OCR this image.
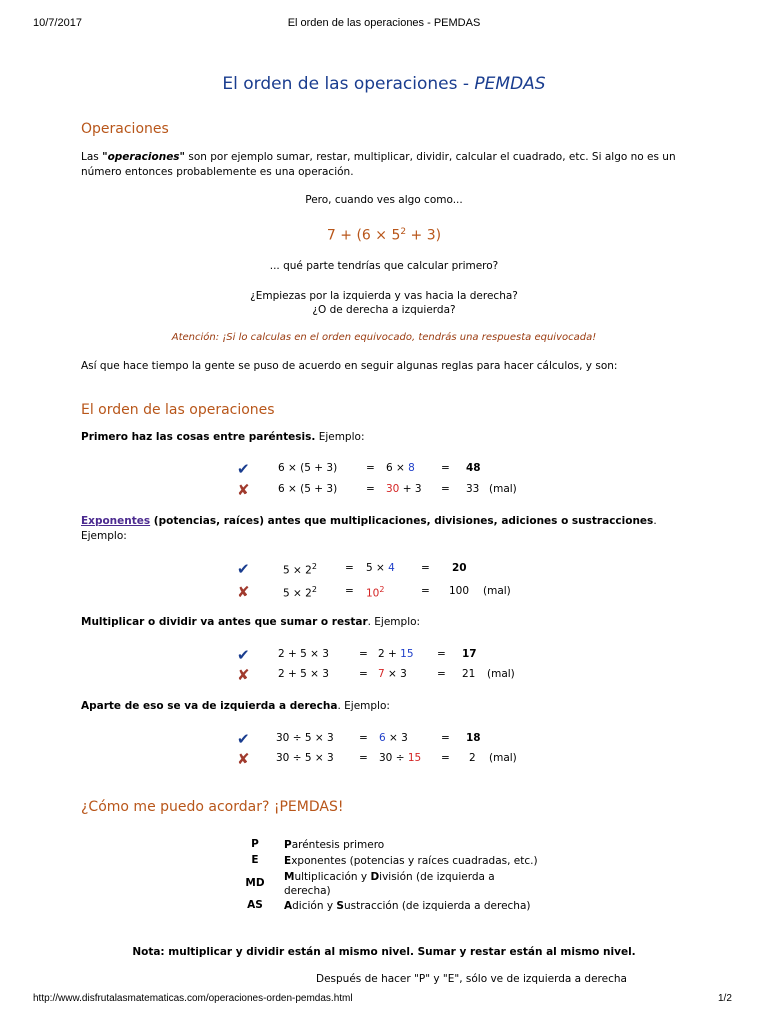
10/7/2017	El orden de las operaciones - PEMDAS
El orden de las operaciones - PEMDAS
Operaciones
Las "operaciones" son por ejemplo sumar, restar, multiplicar, dividir, calcular el cuadrado, etc. Si algo no es un número entonces probablemente es una operación.
Pero, cuando ves algo como...
$7 + (6 \times 5^2 + 3)$
... qué parte tendrías que calcular primero?
¿Empiezas por la izquierda y vas hacia la derecha?
¿O de derecha a izquierda?
Atención: ¡Si lo calculas en el orden equivocado, tendrás una respuesta equivocada!
Así que hace tiempo la gente se puso de acuerdo en seguir algunas reglas para hacer cálculos, y son:
El orden de las operaciones
Primero haz las cosas entre paréntesis. Ejemplo:
✔	6 × (5 + 3)	= 6 × 8 = 48
✘	6 × (5 + 3)	= 30 + 3 = 33 (mal)
Exponentes (potencias, raíces) antes que multiplicaciones, divisiones, adiciones o sustracciones. Ejemplo:
✔	$5 \times 2^2$	= 5 × 4 = 20
✘	$5 \times 2^2$	= $10^2$	= 100 (mal)
Multiplicar o dividir va antes que sumar o restar. Ejemplo:
✔	2 + 5 × 3	= 2 + 15 = 17
✘	2 + 5 × 3	= 7 × 3	= 21 (mal)
Aparte de eso se va de izquierda a derecha. Ejemplo:
✔	30 ÷ 5 × 3 = 6 × 3	= 18
✘	30 ÷ 5 × 3 = 30 ÷ 15 = 2 (mal)
¿Cómo me puedo acordar? ¡PEMDAS!
P	Paréntesis primero
E	Exponentes (potencias y raíces cuadradas, etc.)
MD	Multiplicación y División (de izquierda a derecha)
AS	Adición y Sustracción (de izquierda a derecha)
Nota: multiplicar y dividir están al mismo nivel. Sumar y restar están al mismo nivel.
Después de hacer "P" y "E", sólo ve de izquierda a derecha
http://www.disfrutalasmatematicas.com/operaciones-orden-pemdas.html	1/2
